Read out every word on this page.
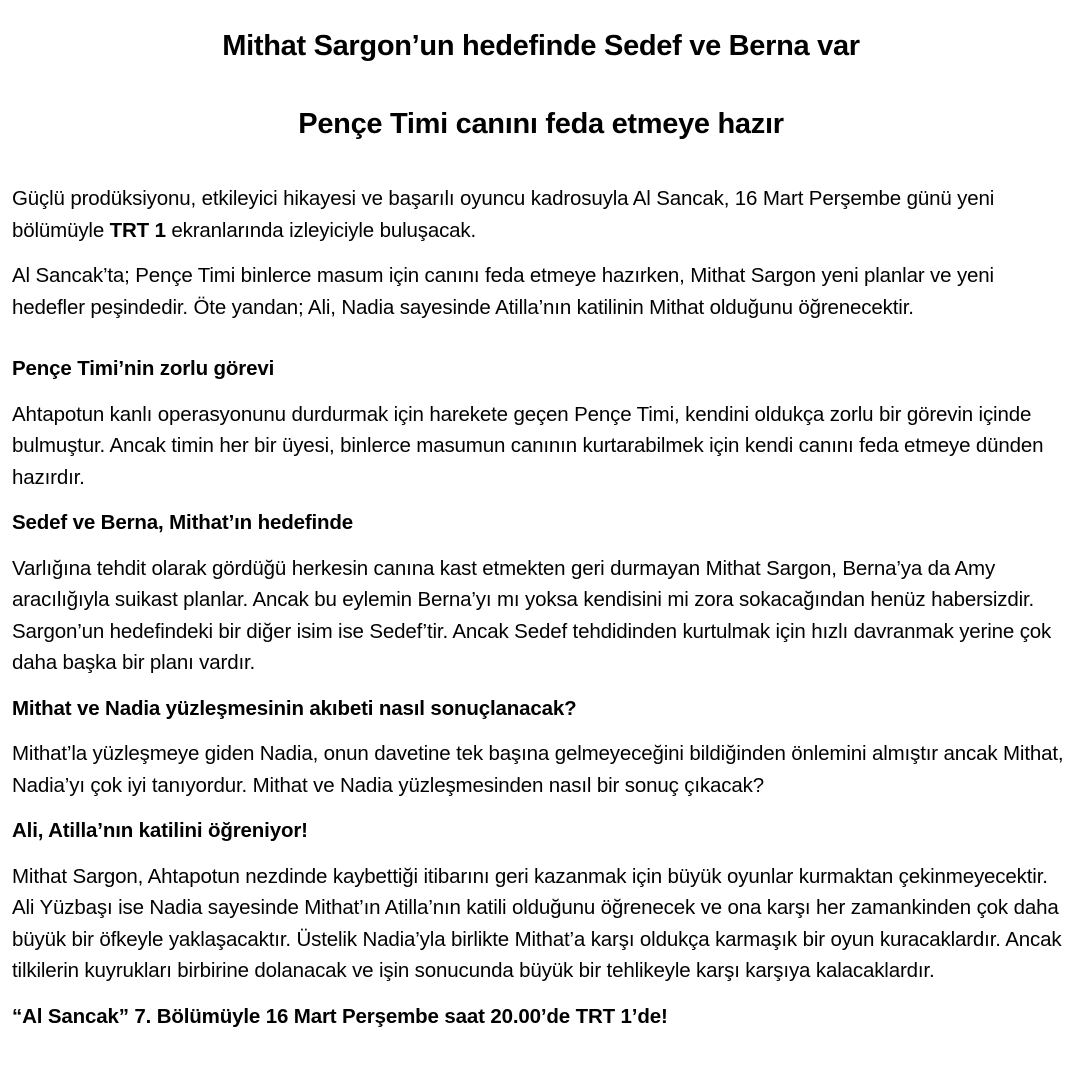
Mithat Sargon’un hedefinde Sedef ve Berna var
Pençe Timi canını feda etmeye hazır

Güçlü prodüksiyonu, etkileyici hikayesi ve başarılı oyuncu kadrosuyla Al Sancak, 16 Mart Perşembe günü yeni bölümüyle TRT 1 ekranlarında izleyiciyle buluşacak.

Al Sancak’ta; Pençe Timi binlerce masum için canını feda etmeye hazırken, Mithat Sargon yeni planlar ve yeni hedefler peşindedir. Öte yandan; Ali, Nadia sayesinde Atilla’nın katilinin Mithat olduğunu öğrenecektir.

Pençe Timi’nin zorlu görevi

Ahtapotun kanlı operasyonunu durdurmak için harekete geçen Pençe Timi, kendini oldukça zorlu bir görevin içinde bulmuştur. Ancak timin her bir üyesi, binlerce masumun canının kurtarabilmek için kendi canını feda etmeye dünden hazırdır.

Sedef ve Berna, Mithat’ın hedefinde

Varlığına tehdit olarak gördüğü herkesin canına kast etmekten geri durmayan Mithat Sargon, Berna’ya da Amy aracılığıyla suikast planlar. Ancak bu eylemin Berna’yı mı yoksa kendisini mi zora sokacağından henüz habersizdir. Sargon’un hedefindeki bir diğer isim ise Sedef’tir. Ancak Sedef tehdidinden kurtulmak için hızlı davranmak yerine çok daha başka bir planı vardır.

Mithat ve Nadia yüzleşmesinin akıbeti nasıl sonuçlanacak?

Mithat’la yüzleşmeye giden Nadia, onun davetine tek başına gelmeyeceğini bildiğinden önlemini almıştır ancak Mithat, Nadia’yı çok iyi tanıyordur. Mithat ve Nadia yüzleşmesinden nasıl bir sonuç çıkacak?

Ali, Atilla’nın katilini öğreniyor!

Mithat Sargon, Ahtapotun nezdinde kaybettiği itibarını geri kazanmak için büyük oyunlar kurmaktan çekinmeyecektir. Ali Yüzbaşı ise Nadia sayesinde Mithat’ın Atilla’nın katili olduğunu öğrenecek ve ona karşı her zamankinden çok daha büyük bir öfkeyle yaklaşacaktır. Üstelik Nadia’yla birlikte Mithat’a karşı oldukça karmaşık bir oyun kuracaklardır. Ancak tilkilerin kuyrukları birbirine dolanacak ve işin sonucunda büyük bir tehlikeyle karşı karşıya kalacaklardır.

“Al Sancak” 7. Bölümüyle 16 Mart Perşembe saat 20.00’de TRT 1’de!
